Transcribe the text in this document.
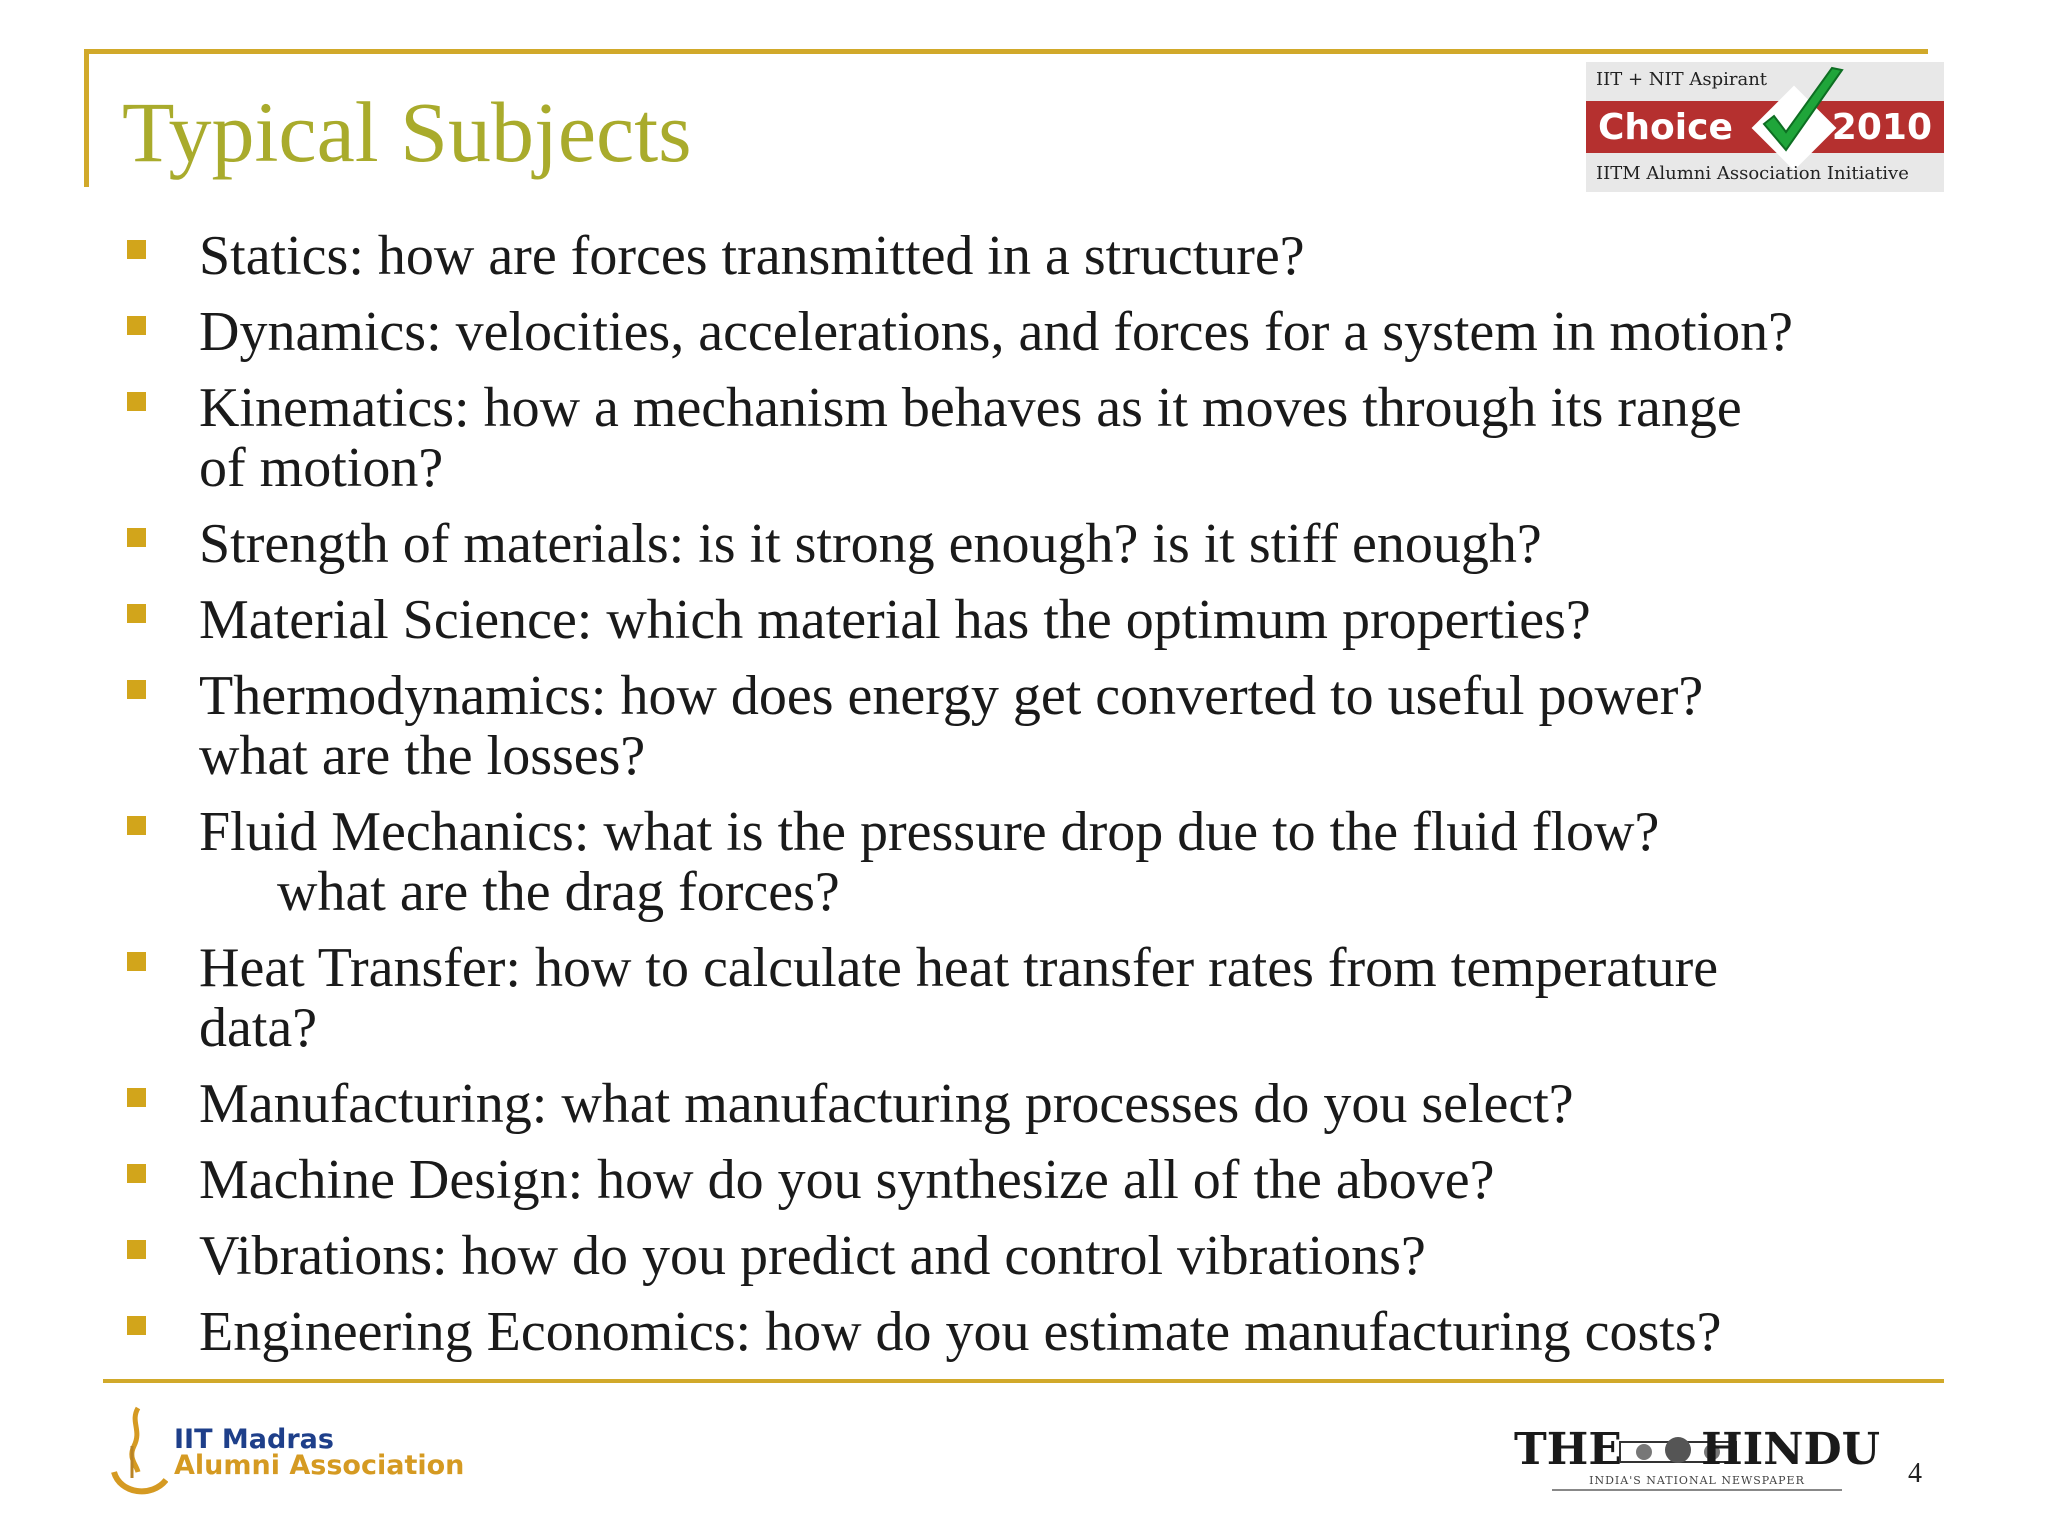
Typical Subjects
IIT + NIT Aspirant
Choice	2010
IITM Alumni Association Initiative
Statics: how are forces transmitted in a structure?
Dynamics: velocities, accelerations, and forces for a system in motion?
Kinematics: how a mechanism behaves as it moves through its range
of motion?
Strength of materials: is it strong enough? is it stiff enough?
Material Science: which material has the optimum properties?
Thermodynamics: how does energy get converted to useful power?
what are the losses?
Fluid Mechanics: what is the pressure drop due to the fluid flow?
what are the drag forces?
Heat Transfer: how to calculate heat transfer rates from temperature
data?
Manufacturing: what manufacturing processes do you select?
Machine Design: how do you synthesize all of the above?
Vibrations: how do you predict and control vibrations?
Engineering Economics: how do you estimate manufacturing costs?
IIT Madras
Alumni Association	THE HINDU
INDIA'S NATIONAL NEWSPAPER	4
